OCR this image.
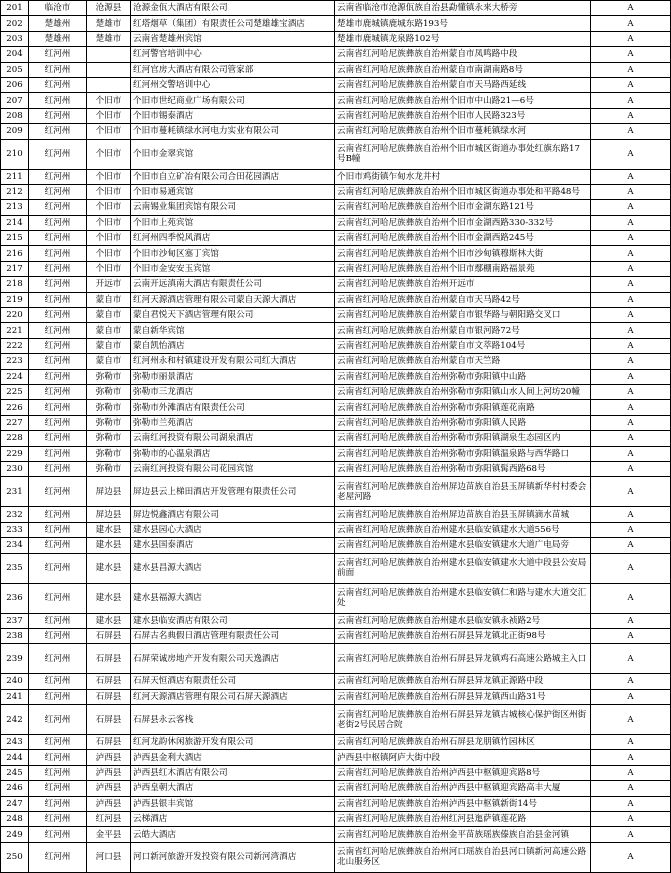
201	临沧市	沧源县	沧源金佤大酒店有限公司	云南省临沧市沧源佤族自治县勐懂镇永来大桥旁	A
202	楚雄州	楚雄市	红塔烟草（集团）有限责任公司楚雄雄宝酒店	楚雄市鹿城镇鹿城东路193号	A
203	楚雄州	楚雄市	云南省楚雄州宾馆	楚雄市鹿城镇龙泉路102号	A
204	红河州		红河警官培训中心	云南省红河哈尼族彝族自治州蒙自市凤鸣路中段	A
205	红河州		红河官房大酒店有限公司管家部	云南省红河哈尼族彝族自治州蒙自市南湖南路8号	A
206	红河州		红河州交警培训中心	云南省红河哈尼族彝族自治州蒙自市天马路西延线	A
207	红河州	个旧市	个旧市世纪商业广场有限公司	云南省红河哈尼族彝族自治州个旧市中山路21—6号	A
208	红河州	个旧市	个旧市锡泰酒店	云南省红河哈尼族彝族自治州个旧市人民路323号	A
209	红河州	个旧市	个旧市蔓耗镇绿水河电力实业有限公司	云南省红河哈尼族彝族自治州个旧市蔓耗镇绿水河	A
210	红河州	个旧市	个旧市金翠宾馆	云南省红河哈尼族彝族自治州个旧市城区街道办事处红旗东路17号B幢	A
211	红河州	个旧市	个旧市自立矿冶有限公司合田花园酒店	个旧市鸡街镇乍甸水龙井村	A
212	红河州	个旧市	个旧市易通宾馆	云南省红河哈尼族彝族自治州个旧市城区街道办事处和平路48号	A
213	红河州	个旧市	云南锡业集团宾馆有限公司	云南省红河哈尼族彝族自治州个旧市金湖东路121号	A
214	红河州	个旧市	个旧市上苑宾馆	云南省红河哈尼族彝族自治州个旧市金湖西路330-332号	A
215	红河州	个旧市	红河州四季悦风酒店	云南省红河哈尼族彝族自治州个旧市金湖西路245号	A
216	红河州	个旧市	个旧市沙甸区塞丁宾馆	云南省红河哈尼族彝族自治州个旧市沙甸镇穆斯林大街	A
217	红河州	个旧市	个旧市金安安玉宾馆	云南省红河哈尼族彝族自治州个旧市鄢棚南路福景苑	A
218	红河州	开远市	云南开远滇南大酒店有限责任公司	云南省红河哈尼族彝族自治州开远市	A
219	红河州	蒙自市	红河天源酒店管理有限公司蒙自天源大酒店	云南省红河哈尼族彝族自治州蒙自市天马路42号	A
220	红河州	蒙自市	蒙自君悦天下酒店管理有限公司	云南省红河哈尼族彝族自治州蒙自市银华路与朝阳路交叉口	A
221	红河州	蒙自市	蒙自新华宾馆	云南省红河哈尼族彝族自治州蒙自市银河路72号	A
222	红河州	蒙自市	蒙自凯怡酒店	云南省红河哈尼族彝族自治州蒙自市文萃路104号	A
223	红河州	蒙自市	红河州永和村镇建设开发有限公司红大酒店	云南省红河哈尼族彝族自治州蒙自市天竺路	A
224	红河州	弥勒市	弥勒市丽景酒店	云南省红河哈尼族彝族自治州弥勒市弥阳镇中山路	A
225	红河州	弥勒市	弥勒市三龙酒店	云南省红河哈尼族彝族自治州弥勒市弥阳镇山水人间上河坊20幢	A
226	红河州	弥勒市	弥勒市外滩酒店有限责任公司	云南省红河哈尼族彝族自治州弥勒市弥阳镇莲花南路	A
227	红河州	弥勒市	弥勒市兰苑酒店	云南省红河哈尼族彝族自治州弥勒市弥阳镇人民路	A
228	红河州	弥勒市	云南红河投资有限公司湖泉酒店	云南省红河哈尼族彝族自治州弥勒市弥阳镇湖泉生态园区内	A
229	红河州	弥勒市	弥勒市的心温泉酒店	云南省红河哈尼族彝族自治州弥勒市弥阳镇温泉路与西华路口	A
230	红河州	弥勒市	云南红河投资有限公司花园宾馆	云南省红河哈尼族彝族自治州弥勒市弥阳镇髯西路68号	A
231	红河州	屏边县	屏边县云上梯田酒店开发管理有限责任公司	云南省红河哈尼族彝族自治州屏边苗族自治县玉屏镇新华村村委会老屋河路	A
232	红河州	屏边县	屏边悦鑫酒店有限公司	云南省红河哈尼族彝族自治州屏边苗族自治县玉屏镇滴水苗城	A
233	红河州	建水县	建水县园心大酒店	云南省红河哈尼族彝族自治州建水县临安镇建水大道556号	A
234	红河州	建水县	建水县国泰酒店	云南省红河哈尼族彝族自治州建水县临安镇建水大道广电局旁	A
235	红河州	建水县	建水县昌源大酒店	云南省红河哈尼族彝族自治州建水县临安镇建水大道中段县公安局前面	A
236	红河州	建水县	建水县福源大酒店	云南省红河哈尼族彝族自治州建水县临安镇仁和路与建水大道交汇处	A
237	红河州	建水县	建水县临安酒店有限公司	云南省红河哈尼族彝族自治州建水县临安镇永祯路2号	A
238	红河州	石屏县	石屏古名典假日酒店管理有限责任公司	云南省红河哈尼族彝族自治州石屏县异龙镇北正街98号	A
239	红河州	石屏县	石屏荣诚房地产开发有限公司天逸酒店	云南省红河哈尼族彝族自治州石屏县异龙镇鸡石高速公路城主入口	A
240	红河州	石屏县	石屏天恒酒店有限责任公司	云南省红河哈尼族彝族自治州石屏县异龙镇正源路中段	A
241	红河州	石屏县	红河天源酒店管理有限公司石屏天源酒店	云南省红河哈尼族彝族自治州石屏县异龙镇西山路31号	A
242	红河州	石屏县	石屏县永云客栈	云南省红河哈尼族彝族自治州石屏县异龙镇古城核心保护街区州街老街2号民居合院	A
243	红河州	石屏县	红河龙韵休闲旅游开发有限公司	云南省红河哈尼族彝族自治州石屏县龙朋镇竹园林区	A
244	红河州	泸西县	泸西县金利大酒店	泸西县中枢镇阿庐大街中段	A
245	红河州	泸西县	泸西县红木酒店有限公司	云南省红河哈尼族彝族自治州泸西县中枢镇迎宾路8号	A
246	红河州	泸西县	泸西皇朝大酒店	云南省红河哈尼族彝族自治州泸西县中枢镇迎宾路高丰大厦	A
247	红河州	泸西县	泸西县银丰宾馆	云南省红河哈尼族彝族自治州泸西县中枢镇新街14号	A
248	红河州	红河县	云梯酒店	云南省红河哈尼族彝族自治州红河县迤萨镇莲花路	A
249	红河州	金平县	云皓大酒店	云南省红河哈尼族彝族自治州金平苗族瑶族傣族自治县金河镇	A
250	红河州	河口县	河口新河旅游开发投资有限公司新河湾酒店	云南省红河哈尼族彝族自治州河口瑶族自治县河口镇新河高速公路北山服务区	A
